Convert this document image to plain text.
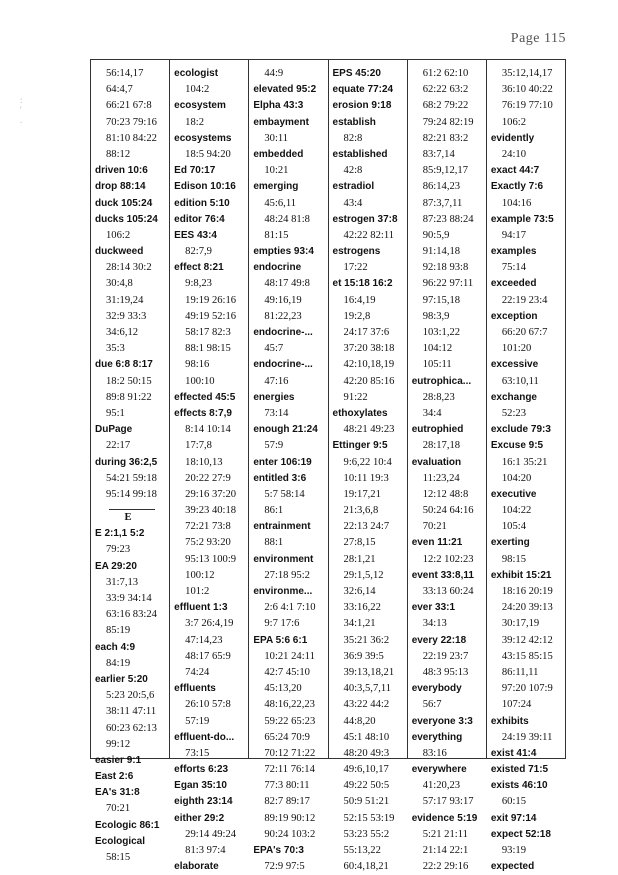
Page 115
:
'
.
56:14,17
64:4,7
66:21 67:8
70:23 79:16
81:10 84:22
88:12
driven 10:6
drop 88:14
duck 105:24
ducks 105:24
106:2
duckweed
28:14 30:2
30:4,8
31:19,24
32:9 33:3
34:6,12
35:3
due 6:8 8:17
18:2 50:15
89:8 91:22
95:1
DuPage
22:17
during 36:2,5
54:21 59:18
95:14 99:18
E
E 2:1,1 5:2
79:23
EA 29:20
31:7,13
33:9 34:14
63:16 83:24
85:19
each 4:9
84:19
earlier 5:20
5:23 20:5,6
38:11 47:11
60:23 62:13
99:12
easier 9:1
East 2:6
EA's 31:8
70:21
Ecologic 86:1
Ecological
58:15
ecologist
104:2
ecosystem
18:2
ecosystems
18:5 94:20
Ed 70:17
Edison 10:16
edition 5:10
editor 76:4
EES 43:4
82:7,9
effect 8:21
9:8,23
19:19 26:16
49:19 52:16
58:17 82:3
88:1 98:15
98:16
100:10
effected 45:5
effects 8:7,9
8:14 10:14
17:7,8
18:10,13
20:22 27:9
29:16 37:20
39:23 40:18
72:21 73:8
75:2 93:20
95:13 100:9
100:12
101:2
effluent 1:3
3:7 26:4,19
47:14,23
48:17 65:9
74:24
effluents
26:10 57:8
57:19
effluent-do...
73:15
efforts 6:23
Egan 35:10
eighth 23:14
either 29:2
29:14 49:24
81:3 97:4
elaborate
44:9
elevated 95:2
Elpha 43:3
embayment
30:11
embedded
10:21
emerging
45:6,11
48:24 81:8
81:15
empties 93:4
endocrine
48:17 49:8
49:16,19
81:22,23
endocrine-...
45:7
endocrine-...
47:16
energies
73:14
enough 21:24
57:9
enter 106:19
entitled 3:6
5:7 58:14
86:1
entrainment
88:1
environment
27:18 95:2
environme...
2:6 4:1 7:10
9:7 17:6
EPA 5:6 6:1
10:21 24:11
42:7 45:10
45:13,20
48:16,22,23
59:22 65:23
65:24 70:9
70:12 71:22
72:11 76:14
77:3 80:11
82:7 89:17
89:19 90:12
90:24 103:2
EPA's 70:3
72:9 97:5
EPS 45:20
equate 77:24
erosion 9:18
establish
82:8
established
42:8
estradiol
43:4
estrogen 37:8
42:22 82:11
estrogens
17:22
et 15:18 16:2
16:4,19
19:2,8
24:17 37:6
37:20 38:18
42:10,18,19
42:20 85:16
91:22
ethoxylates
48:21 49:23
Ettinger 9:5
9:6,22 10:4
10:11 19:3
19:17,21
21:3,6,8
22:13 24:7
27:8,15
28:1,21
29:1,5,12
32:6,14
33:16,22
34:1,21
35:21 36:2
36:9 39:5
39:13,18,21
40:3,5,7,11
43:22 44:2
44:8,20
45:1 48:10
48:20 49:3
49:6,10,17
49:22 50:5
50:9 51:21
52:15 53:19
53:23 55:2
55:13,22
60:4,18,21
61:2 62:10
62:22 63:2
68:2 79:22
79:24 82:19
82:21 83:2
83:7,14
85:9,12,17
86:14,23
87:3,7,11
87:23 88:24
90:5,9
91:14,18
92:18 93:8
96:22 97:11
97:15,18
98:3,9
103:1,22
104:12
105:11
eutrophica...
28:8,23
34:4
eutrophied
28:17,18
evaluation
11:23,24
12:12 48:8
50:24 64:16
70:21
even 11:21
12:2 102:23
event 33:8,11
33:13 60:24
ever 33:1
34:13
every 22:18
22:19 23:7
48:3 95:13
everybody
56:7
everyone 3:3
everything
83:16
everywhere
41:20,23
57:17 93:17
evidence 5:19
5:21 21:11
21:14 22:1
22:2 29:16
35:12,14,17
36:10 40:22
76:19 77:10
106:2
evidently
24:10
exact 44:7
Exactly 7:6
104:16
example 73:5
94:17
examples
75:14
exceeded
22:19 23:4
exception
66:20 67:7
101:20
excessive
63:10,11
exchange
52:23
exclude 79:3
Excuse 9:5
16:1 35:21
104:20
executive
104:22
105:4
exerting
98:15
exhibit 15:21
18:16 20:19
24:20 39:13
30:17,19
39:12 42:12
43:15 85:15
86:11,11
97:20 107:9
107:24
exhibits
24:19 39:11
exist 41:4
existed 71:5
exists 46:10
60:15
exit 97:14
expect 52:18
93:19
expected
